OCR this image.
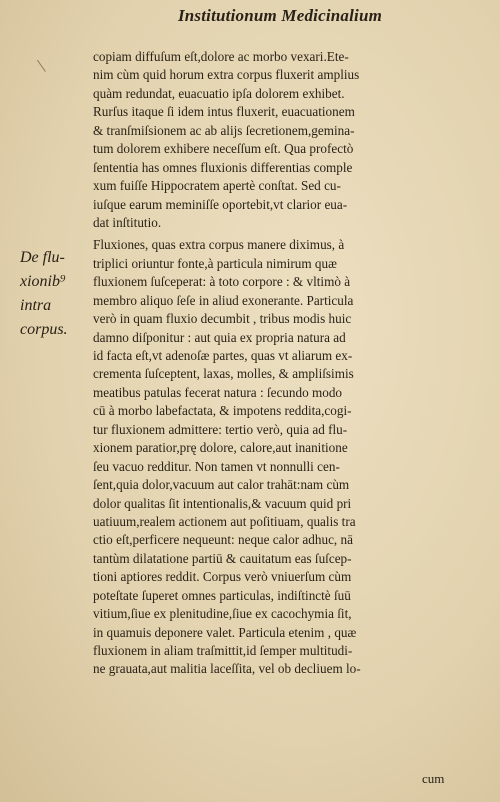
Institutionum Medicinalium
De flu-
xionib⁹
intra
corpus.
copiam diffuſum eſt,dolore ac morbo vexari.Ete-
nim cùm quid horum extra corpus fluxerit amplius
quàm redundat, euacuatio ipſa dolorem exhibet.
Rurſus itaque ſi idem intus fluxerit, euacuationem
& tranſmiſsionem ac ab alijs ſecretionem,gemina-
tum dolorem exhibere neceſſum eſt. Qua profectò
ſententia has omnes fluxionis differentias comple
xum fuiſſe Hippocratem apertè conſtat. Sed cu-
iuſque earum meminiſſe oportebit,vt clarior eua-
dat inſtitutio.
Fluxiones, quas extra corpus manere diximus, à
triplici oriuntur fonte,à particula nimirum quæ
fluxionem ſuſceperat: à toto corpore : & vltimò à
membro aliquo ſeſe in aliud exonerante. Particula
verò in quam fluxio decumbit , tribus modis huic
damno diſponitur : aut quia ex propria natura ad
id facta eſt,vt adenoſæ partes, quas vt aliarum ex-
crementa ſuſceptent, laxas, molles, & ampliſsimis
meatibus patulas fecerat natura : ſecundo modo
cū à morbo labefactata, & impotens reddita,cogi-
tur fluxionem admittere: tertio verò, quia ad flu-
xionem paratior,prę dolore, calore,aut inanitione
ſeu vacuo redditur. Non tamen vt nonnulli cen-
ſent,quia dolor,vacuum aut calor trahāt:nam cùm
dolor qualitas ſit intentionalis,& vacuum quid pri
uatiuum,realem actionem aut poſitiuam, qualis tra
ctio eſt,perficere nequeunt: neque calor adhuc, nā
tantùm dilatatione partiū & cauitatum eas ſuſcep-
tioni aptiores reddit. Corpus verò vniuerſum cùm
poteſtate ſuperet omnes particulas, indiſtinctè ſuū
vitium,ſiue ex plenitudine,ſiue ex cacochymia ſit,
in quamuis deponere valet. Particula etenim , quæ
fluxionem in aliam traſmittit,id ſemper multitudi-
ne grauata,aut malitia laceſſita, vel ob decliuem lo-
cum
